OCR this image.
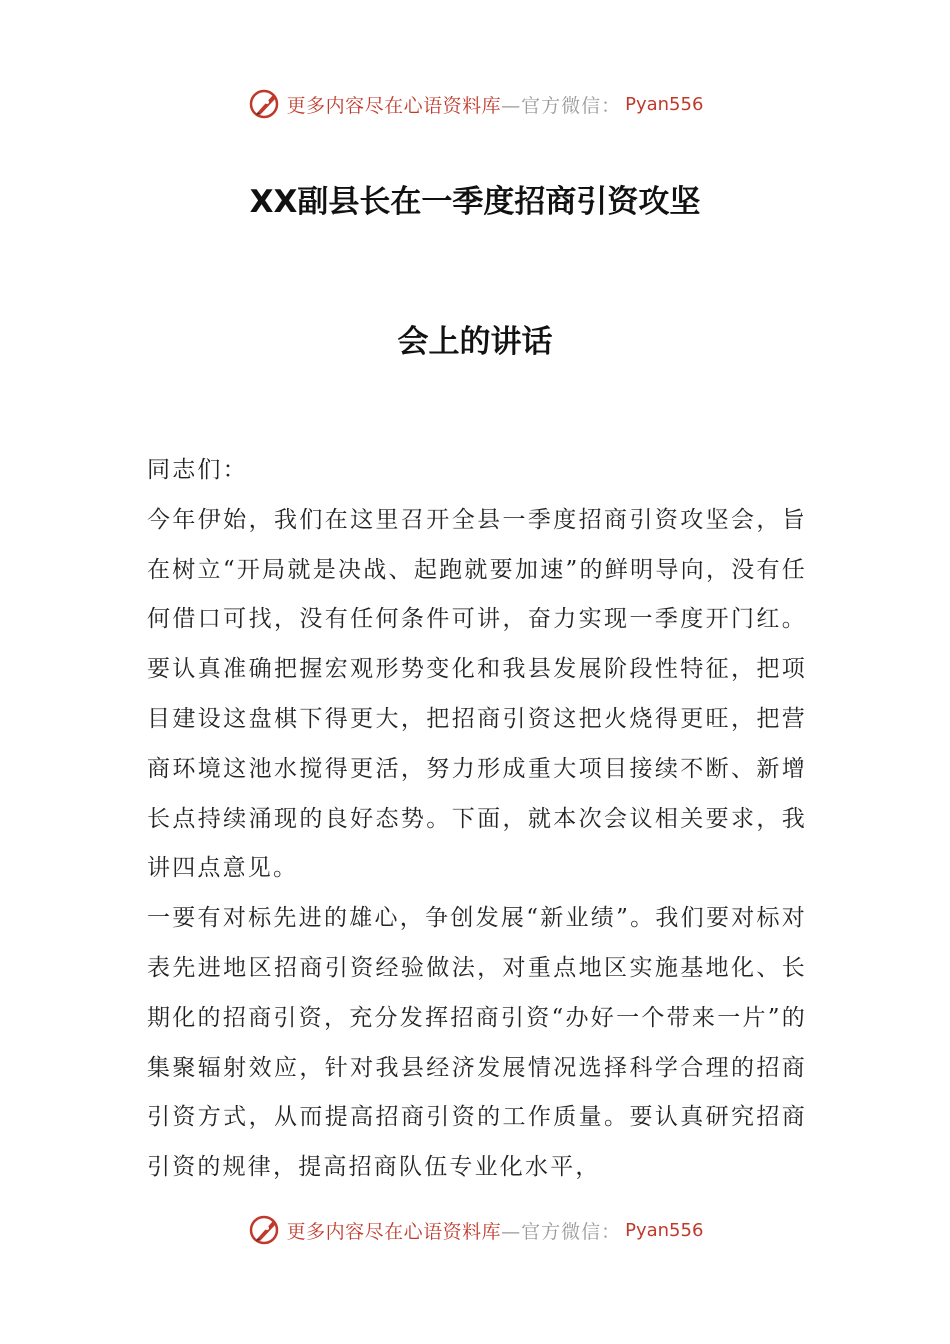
更多内容尽在心语资料库 —官方微信： Pyan556
XX副县长在一季度招商引资攻坚
会上的讲话

同志们：

今年伊始，我们在这里召开全县一季度招商引资攻坚会，旨在树立“开局就是决战、起跑就要加速”的鲜明导向，没有任何借口可找，没有任何条件可讲，奋力实现一季度开门红。要认真准确把握宏观形势变化和我县发展阶段性特征，把项目建设这盘棋下得更大，把招商引资这把火烧得更旺，把营商环境这池水搅得更活，努力形成重大项目接续不断、新增长点持续涌现的良好态势。下面，就本次会议相关要求，我讲四点意见。

一要有对标先进的雄心，争创发展“新业绩”。我们要对标对表先进地区招商引资经验做法，对重点地区实施基地化、长期化的招商引资，充分发挥招商引资“办好一个带来一片”的集聚辐射效应，针对我县经济发展情况选择科学合理的招商引资方式，从而提高招商引资的工作质量。要认真研究招商引资的规律，提高招商队伍专业化水平，

更多内容尽在心语资料库 —官方微信： Pyan556
